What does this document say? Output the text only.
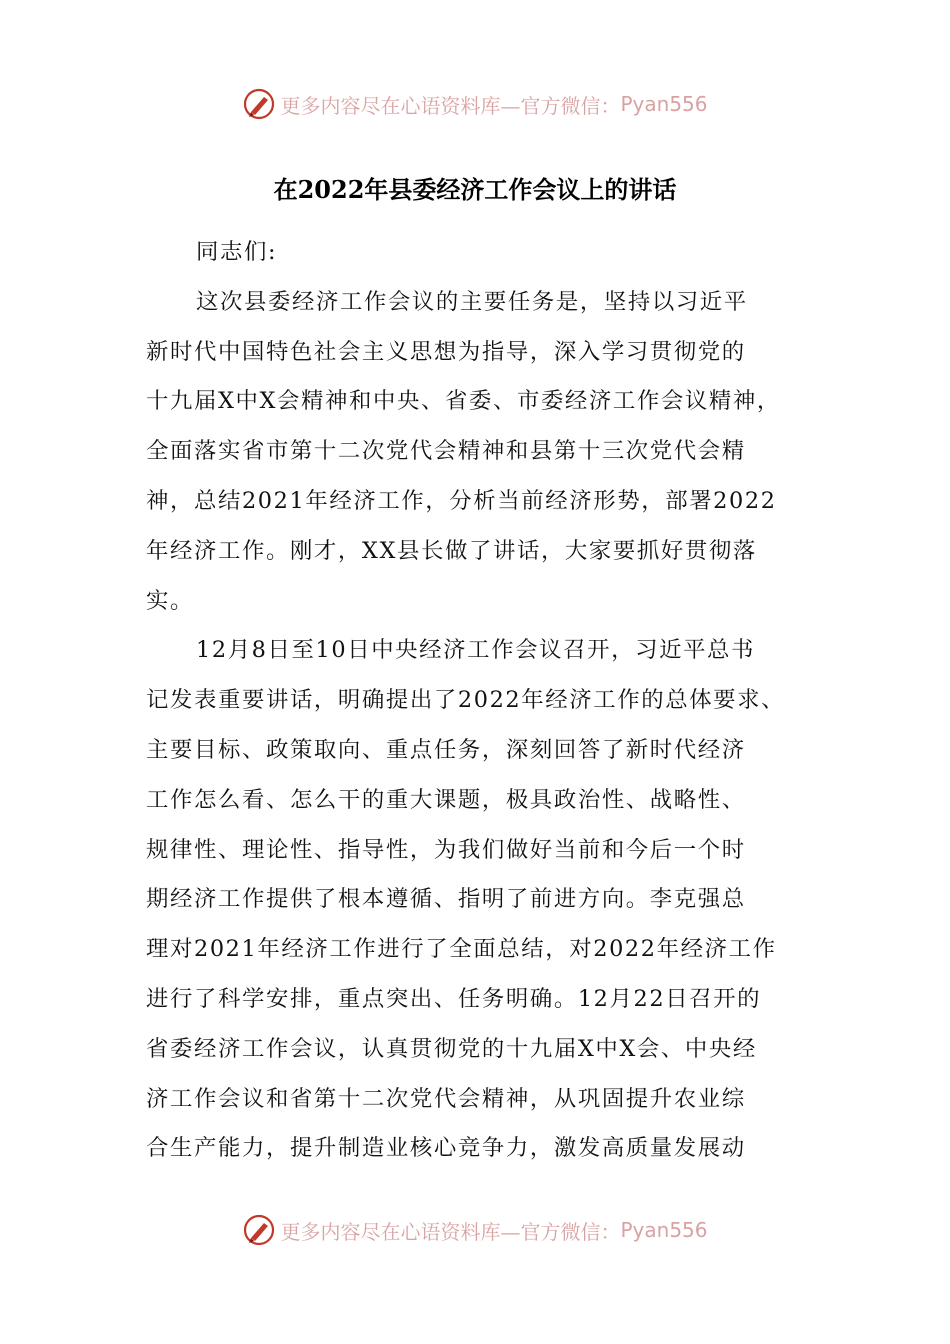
更多内容尽在心语资料库—官方微信： Pyan556
在2022年县委经济工作会议上的讲话
同志们:
这次县委经济工作会议的主要任务是，坚持以习近平
新时代中国特色社会主义思想为指导，深入学习贯彻党的
十九届X中X会精神和中央、省委、市委经济工作会议精神，
全面落实省市第十二次党代会精神和县第十三次党代会精
神，总结2021年经济工作，分析当前经济形势，部署2022
年经济工作。刚才，XX县长做了讲话，大家要抓好贯彻落
实。
12月8日至10日中央经济工作会议召开，习近平总书
记发表重要讲话，明确提出了2022年经济工作的总体要求、
主要目标、政策取向、重点任务，深刻回答了新时代经济
工作怎么看、怎么干的重大课题，极具政治性、战略性、
规律性、理论性、指导性，为我们做好当前和今后一个时
期经济工作提供了根本遵循、指明了前进方向。李克强总
理对2021年经济工作进行了全面总结，对2022年经济工作
进行了科学安排，重点突出、任务明确。12月22日召开的
省委经济工作会议，认真贯彻党的十九届X中X会、中央经
济工作会议和省第十二次党代会精神，从巩固提升农业综
合生产能力，提升制造业核心竞争力，激发高质量发展动
更多内容尽在心语资料库—官方微信： Pyan556
